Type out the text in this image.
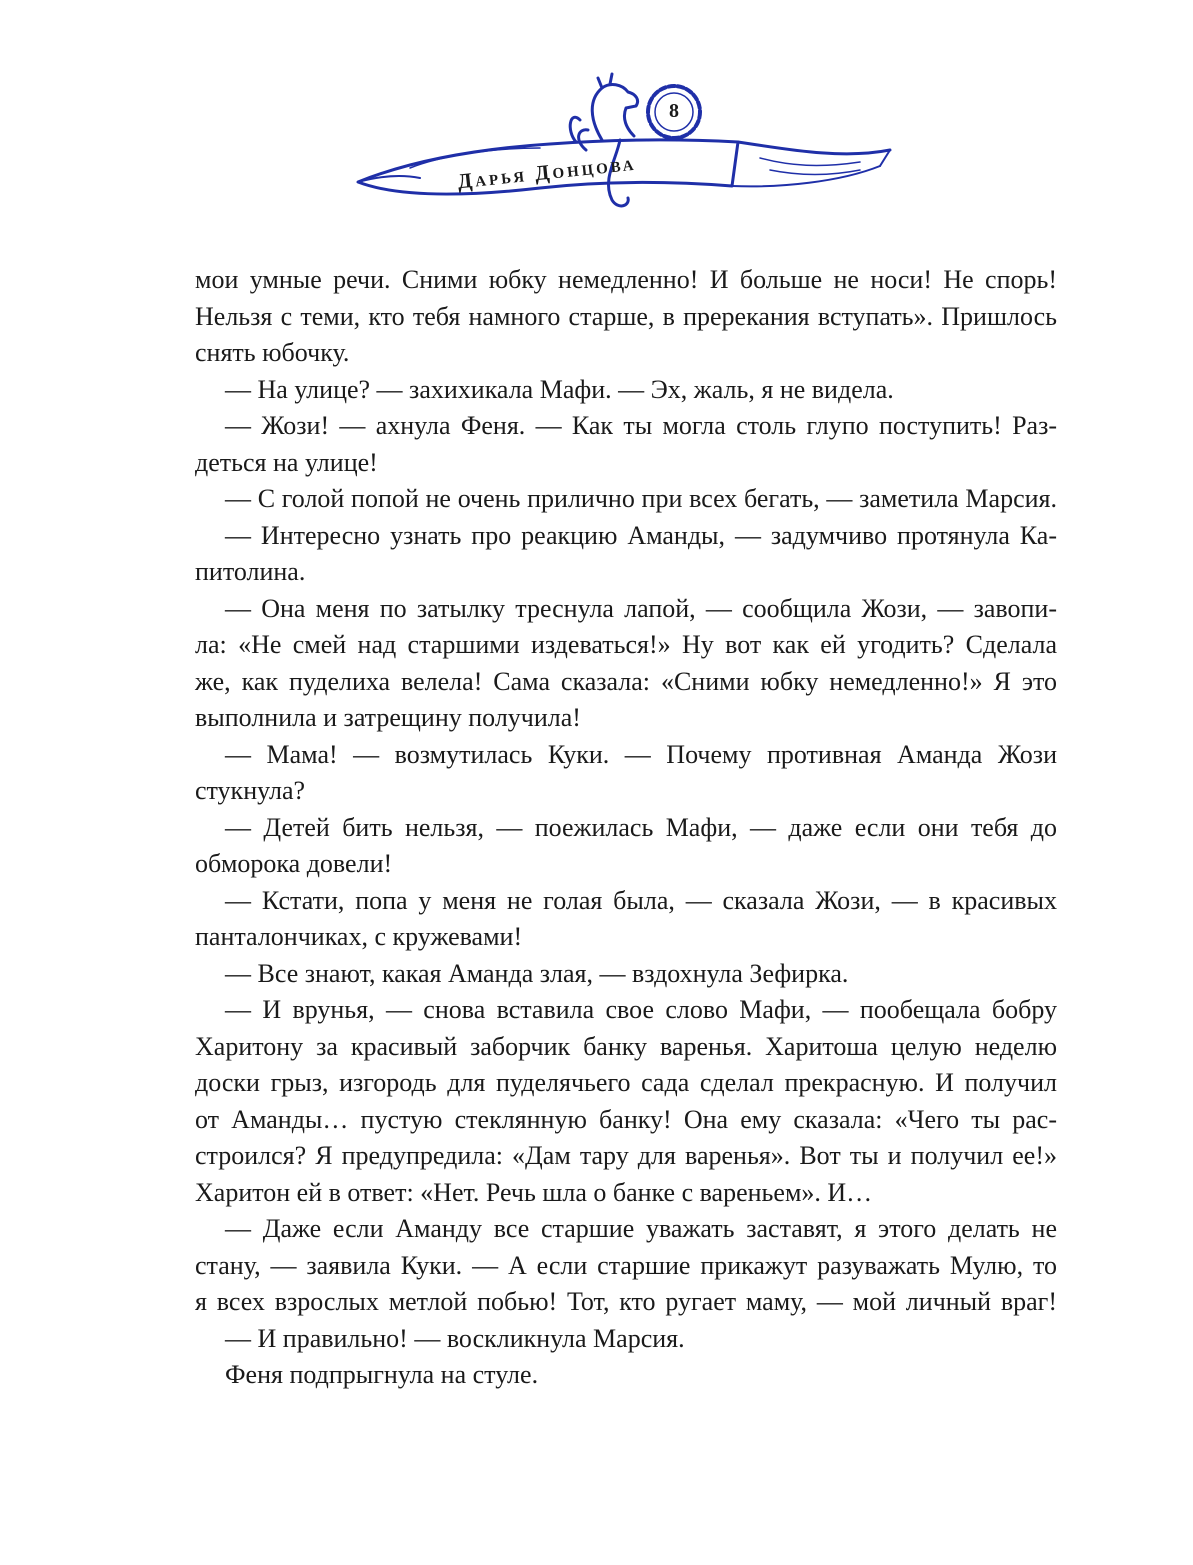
8
Дарья Донцова
мои умные речи. Сними юбку немедленно! И больше не носи! Не спорь!
Нельзя с теми, кто тебя намного старше, в пререкания вступать». Пришлось
снять юбочку.
— На улице? — захихикала Мафи. — Эх, жаль, я не видела.
— Жози! — ахнула Феня. — Как ты могла столь глупо поступить! Раз-
деться на улице!
— С голой попой не очень прилично при всех бегать, — заметила Марсия.
— Интересно узнать про реакцию Аманды, — задумчиво протянула Ка-
питолина.
— Она меня по затылку треснула лапой, — сообщила Жози, — завопи-
ла: «Не смей над старшими издеваться!» Ну вот как ей угодить? Сделала
же, как пуделиха велела! Сама сказала: «Сними юбку немедленно!» Я это
выполнила и затрещину получила!
— Мама! — возмутилась Куки. — Почему противная Аманда Жози
стукнула?
— Детей бить нельзя, — поежилась Мафи, — даже если они тебя до
обморока довели!
— Кстати, попа у меня не голая была, — сказала Жози, — в красивых
панталончиках, с кружевами!
— Все знают, какая Аманда злая, — вздохнула Зефирка.
— И врунья, — снова вставила свое слово Мафи, — пообещала бобру
Харитону за красивый заборчик банку варенья. Харитоша целую неделю
доски грыз, изгородь для пуделячьего сада сделал прекрасную. И получил
от Аманды… пустую стеклянную банку! Она ему сказала: «Чего ты рас-
строился? Я предупредила: «Дам тару для варенья». Вот ты и получил ее!»
Харитон ей в ответ: «Нет. Речь шла о банке с вареньем». И…
— Даже если Аманду все старшие уважать заставят, я этого делать не
стану, — заявила Куки. — А если старшие прикажут разуважать Мулю, то
я всех взрослых метлой побью! Тот, кто ругает маму, — мой личный враг!
— И правильно! — воскликнула Марсия.
Феня подпрыгнула на стуле.
